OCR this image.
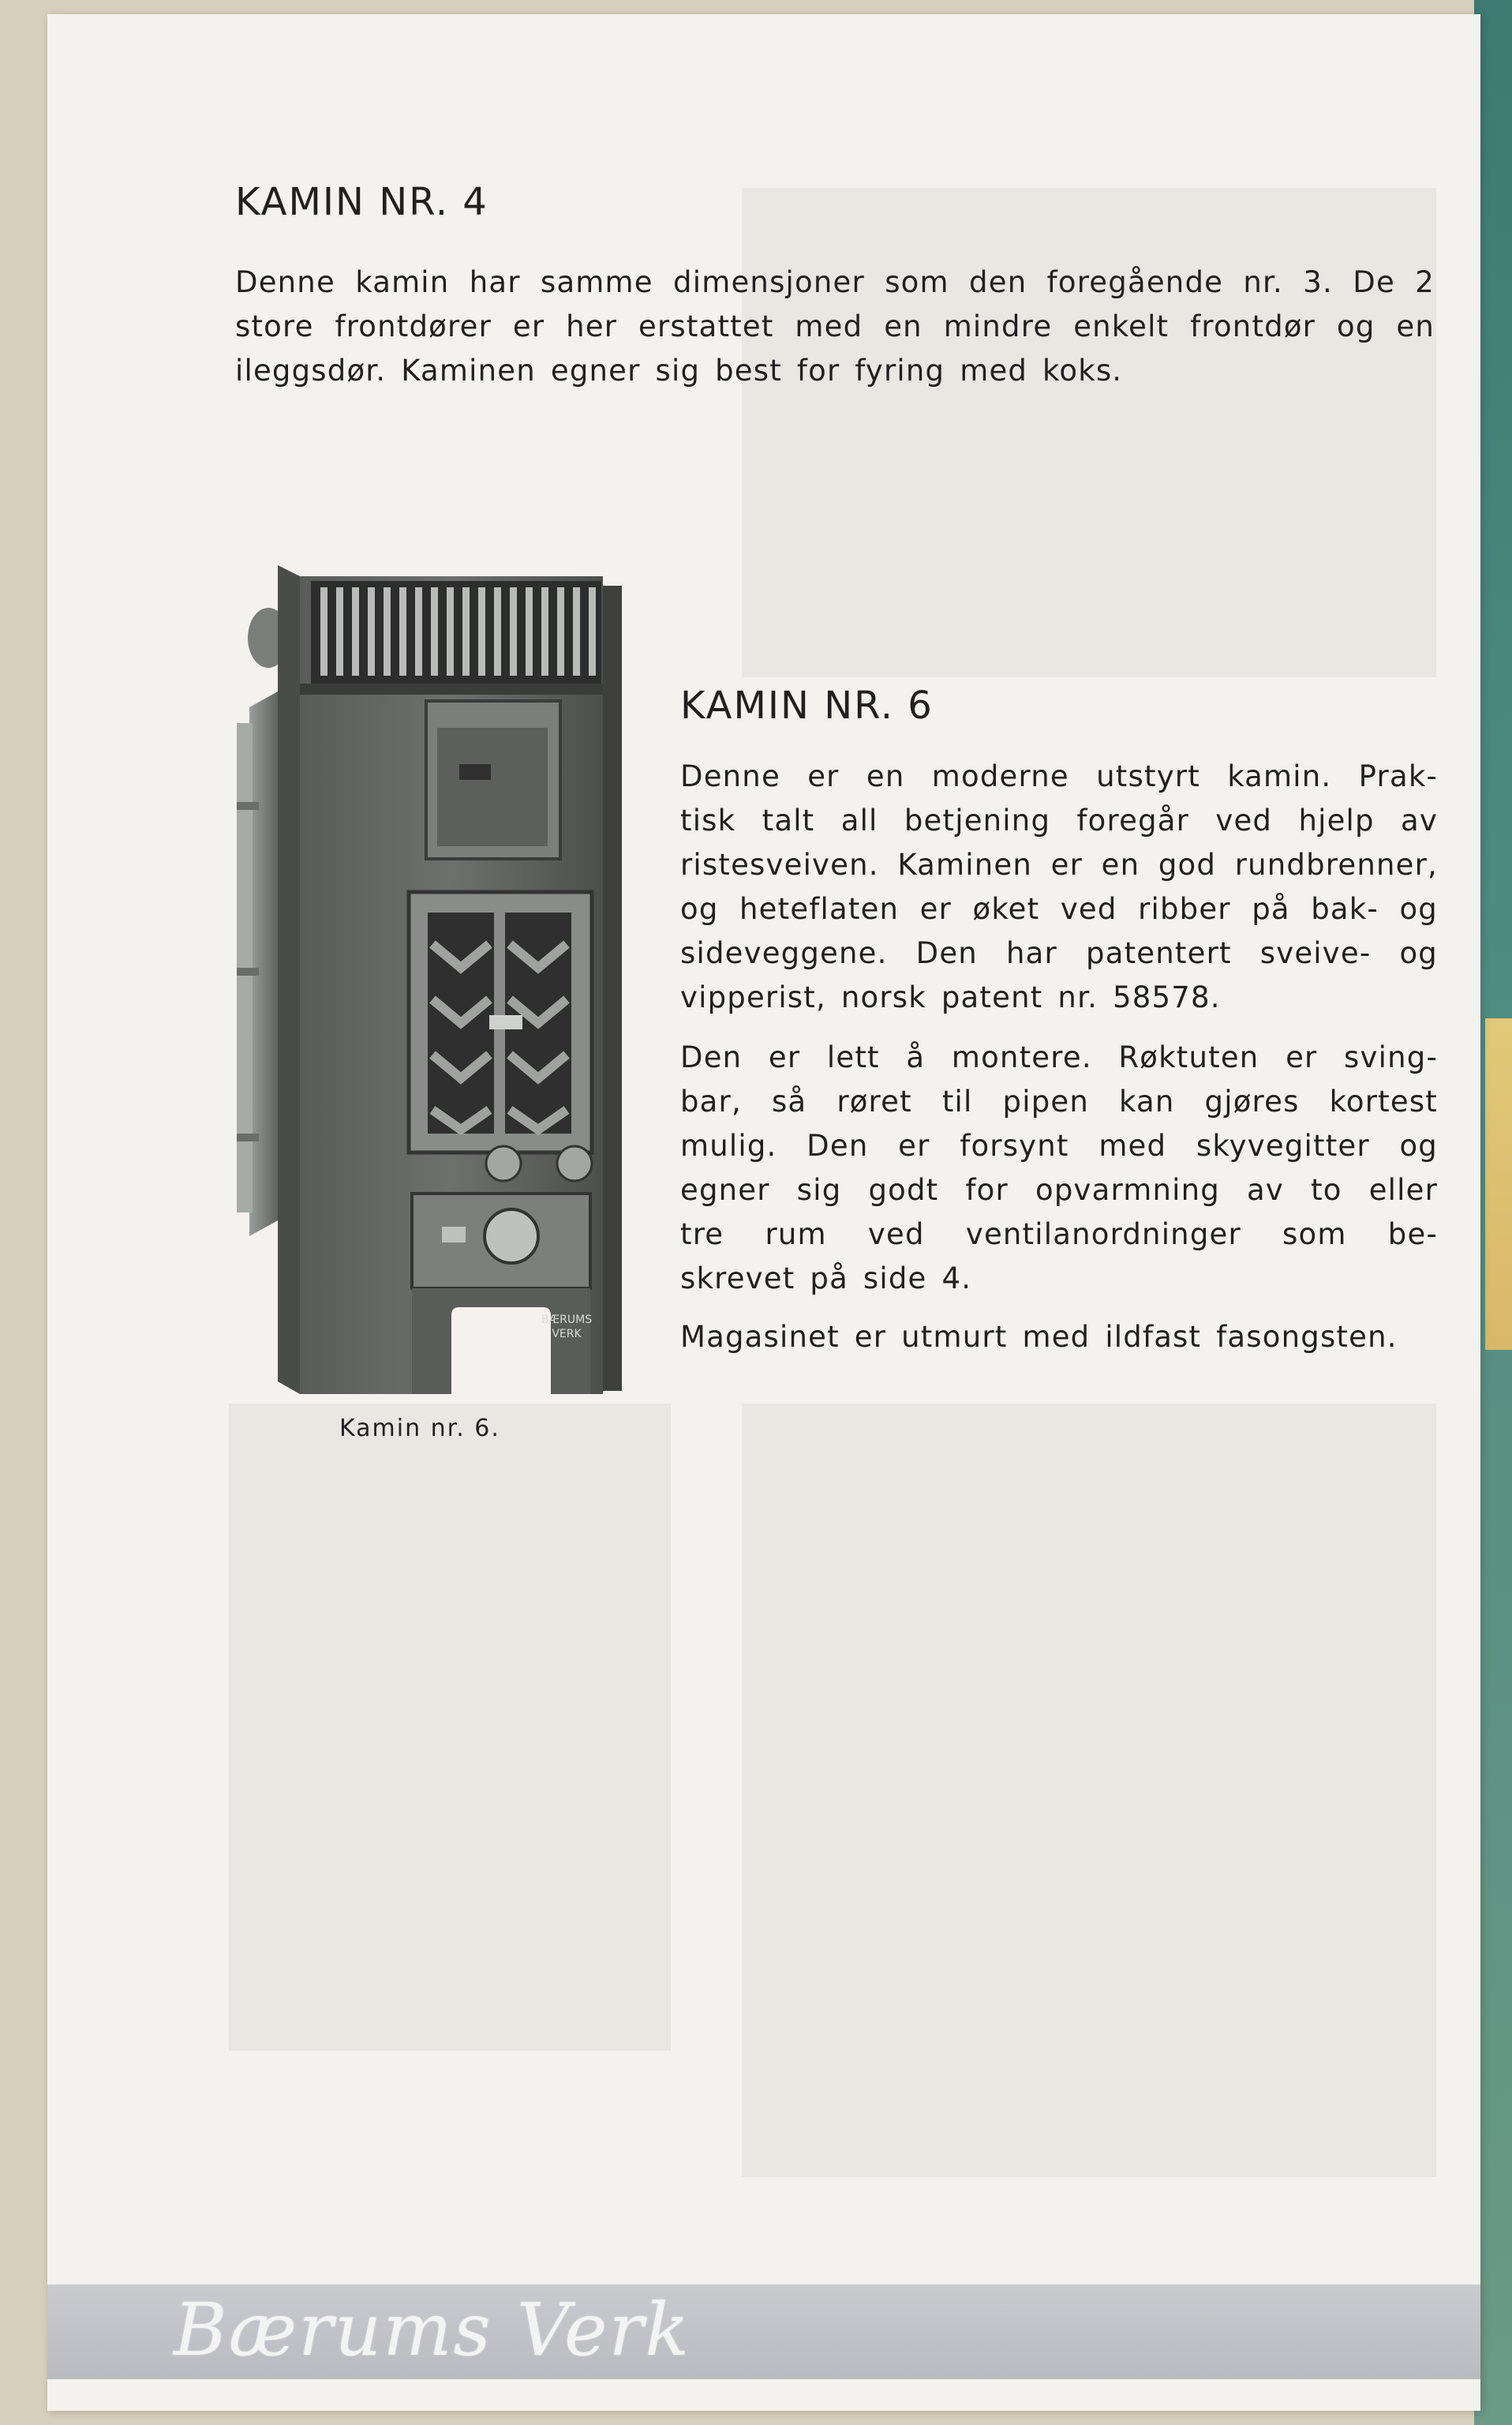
KAMIN NR. 4
Denne kamin har samme dimensjoner som den foregående nr. 3. De 2
store frontdører er her erstattet med en mindre enkelt frontdør og en
ileggsdør. Kaminen egner sig best for fyring med koks.
BÆRUMS
VERK
Kamin nr. 6.
KAMIN NR. 6
Denne er en moderne utstyrt kamin. Prak-
tisk talt all betjening foregår ved hjelp av
ristesveiven. Kaminen er en god rundbrenner,
og heteflaten er øket ved ribber på bak- og
sideveggene. Den har patentert sveive- og
vipperist, norsk patent nr. 58578.
Den er lett å montere. Røktuten er sving-
bar, så røret til pipen kan gjøres kortest
mulig. Den er forsynt med skyvegitter og
egner sig godt for opvarmning av to eller
tre rum ved ventilanordninger som be-
skrevet på side 4.
Magasinet er utmurt med ildfast fasongsten.
Bærums Verk
